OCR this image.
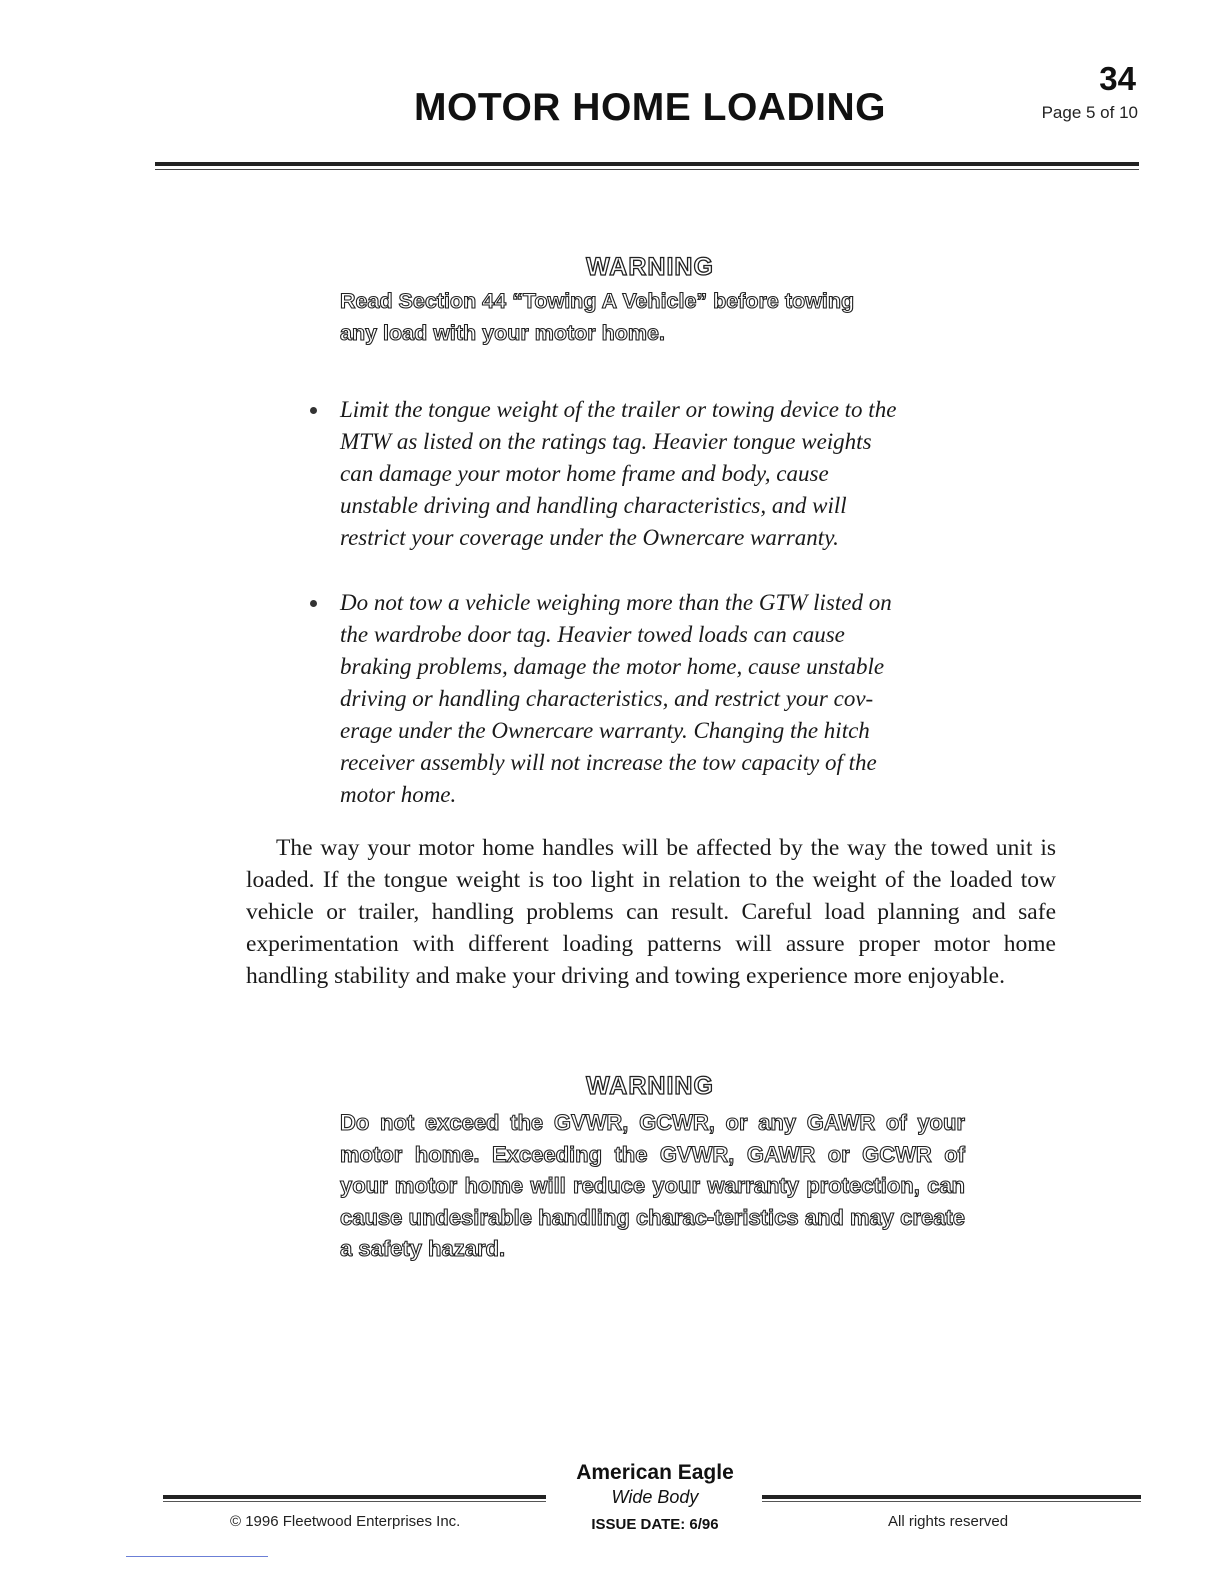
MOTOR HOME LOADING
34
Page 5 of 10
WARNING
Read Section 44 “Towing A Vehicle” before towing
any load with your motor home.
Limit the tongue weight of the trailer or towing device to the
MTW as listed on the ratings tag. Heavier tongue weights
can damage your motor home frame and body, cause
unstable driving and handling characteristics, and will
restrict your coverage under the Ownercare warranty.
Do not tow a vehicle weighing more than the GTW listed on
the wardrobe door tag. Heavier towed loads can cause
braking problems, damage the motor home, cause unstable
driving or handling characteristics, and restrict your cov-
erage under the Ownercare warranty. Changing the hitch
receiver assembly will not increase the tow capacity of the
motor home.

The way your motor home handles will be affected by the way the towed unit is loaded. If the tongue weight is too light in relation to the weight of the loaded tow vehicle or trailer, handling problems can result. Careful load planning and safe experimentation with different loading patterns will assure proper motor home handling stability and make your driving and towing experience more enjoyable.

WARNING
Do not exceed the GVWR, GCWR, or any GAWR of your motor home. Exceeding the GVWR, GAWR or GCWR of your motor home will reduce your warranty protection, can cause undesirable handling charac-teristics and may create a safety hazard.
American Eagle
Wide Body
ISSUE DATE: 6/96
© 1996 Fleetwood Enterprises Inc.	All rights reserved
